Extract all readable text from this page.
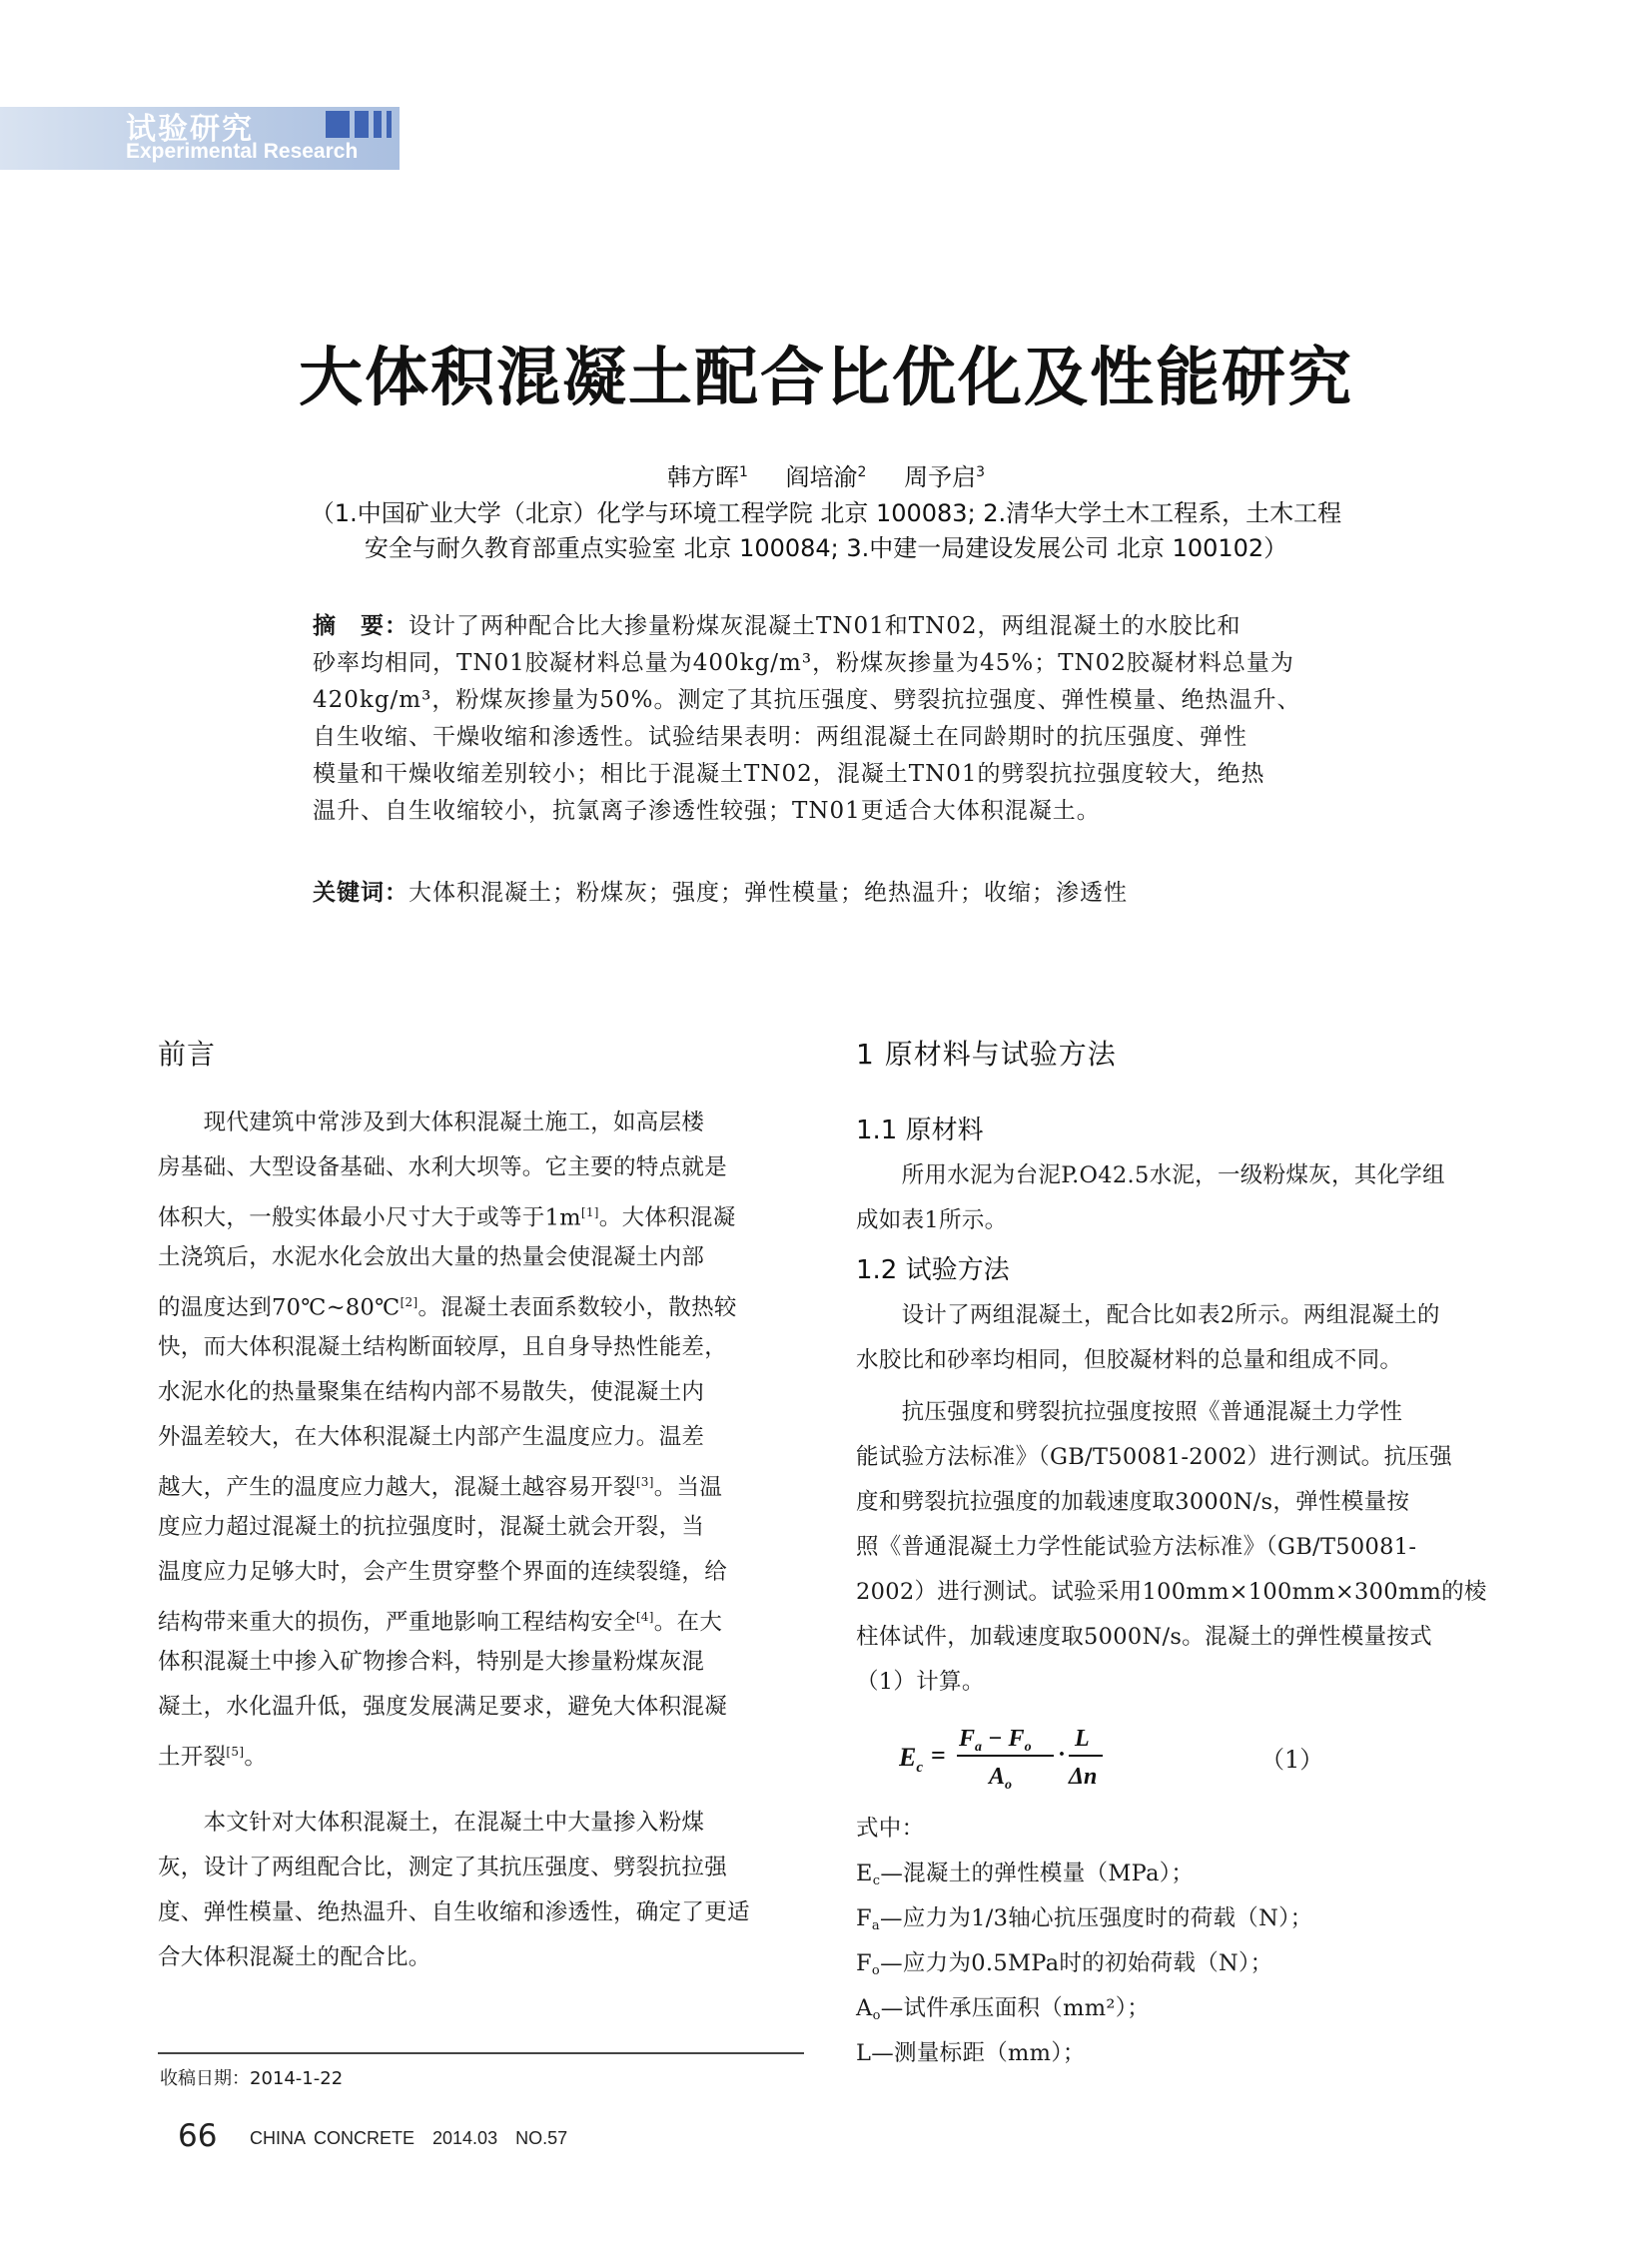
试验研究
Experimental Research
大体积混凝土配合比优化及性能研究
韩方晖$^1$ 阎培渝$^2$ 周予启$^3$
（1.中国矿业大学（北京）化学与环境工程学院 北京 100083; 2.清华大学土木工程系，土木工程
安全与耐久教育部重点实验室 北京 100084; 3.中建一局建设发展公司 北京 100102）
摘　要：设计了两种配合比大掺量粉煤灰混凝土TN01和TN02，两组混凝土的水胶比和
砂率均相同，TN01胶凝材料总量为400kg/m³，粉煤灰掺量为45%；TN02胶凝材料总量为
420kg/m³，粉煤灰掺量为50%。测定了其抗压强度、劈裂抗拉强度、弹性模量、绝热温升、
自生收缩、干燥收缩和渗透性。试验结果表明：两组混凝土在同龄期时的抗压强度、弹性
模量和干燥收缩差别较小；相比于混凝土TN02，混凝土TN01的劈裂抗拉强度较大，绝热
温升、自生收缩较小，抗氯离子渗透性较强；TN01更适合大体积混凝土。
关键词：大体积混凝土；粉煤灰；强度；弹性模量；绝热温升；收缩；渗透性
前言
　　现代建筑中常涉及到大体积混凝土施工，如高层楼
房基础、大型设备基础、水利大坝等。它主要的特点就是
体积大，一般实体最小尺寸大于或等于1m[1]。大体积混凝
土浇筑后，水泥水化会放出大量的热量会使混凝土内部
的温度达到70℃~80℃[2]。混凝土表面系数较小，散热较
快，而大体积混凝土结构断面较厚，且自身导热性能差，
水泥水化的热量聚集在结构内部不易散失，使混凝土内
外温差较大，在大体积混凝土内部产生温度应力。温差
越大，产生的温度应力越大，混凝土越容易开裂[3]。当温
度应力超过混凝土的抗拉强度时，混凝土就会开裂，当
温度应力足够大时，会产生贯穿整个界面的连续裂缝，给
结构带来重大的损伤，严重地影响工程结构安全[4]。在大
体积混凝土中掺入矿物掺合料，特别是大掺量粉煤灰混
凝土，水化温升低，强度发展满足要求，避免大体积混凝
土开裂[5]。
　　本文针对大体积混凝土，在混凝土中大量掺入粉煤
灰，设计了两组配合比，测定了其抗压强度、劈裂抗拉强
度、弹性模量、绝热温升、自生收缩和渗透性，确定了更适
合大体积混凝土的配合比。
1 原材料与试验方法
1.1 原材料
　　所用水泥为台泥P.O42.5水泥，一级粉煤灰，其化学组
成如表1所示。
1.2 试验方法
　　设计了两组混凝土，配合比如表2所示。两组混凝土的
水胶比和砂率均相同，但胶凝材料的总量和组成不同。
　　抗压强度和劈裂抗拉强度按照《普通混凝土力学性
能试验方法标准》（GB/T50081-2002）进行测试。抗压强
度和劈裂抗拉强度的加载速度取3000N/s，弹性模量按
照《普通混凝土力学性能试验方法标准》（GB/T50081-
2002）进行测试。试验采用100mm×100mm×300mm的棱
柱体试件，加载速度取5000N/s。混凝土的弹性模量按式
（1）计算。
$E_c$ =
$F_a - F_o$
$A_o$
·
L
Δn
（1）
式中：
Ec—混凝土的弹性模量（MPa）；
Fa—应力为1/3轴心抗压强度时的荷载（N）；
Fo—应力为0.5MPa时的初始荷载（N）；
Ao—试件承压面积（mm²）；
L—测量标距（mm）；
收稿日期：2014-1-22
66 CHINA CONCRETE  2014.03  NO.57
